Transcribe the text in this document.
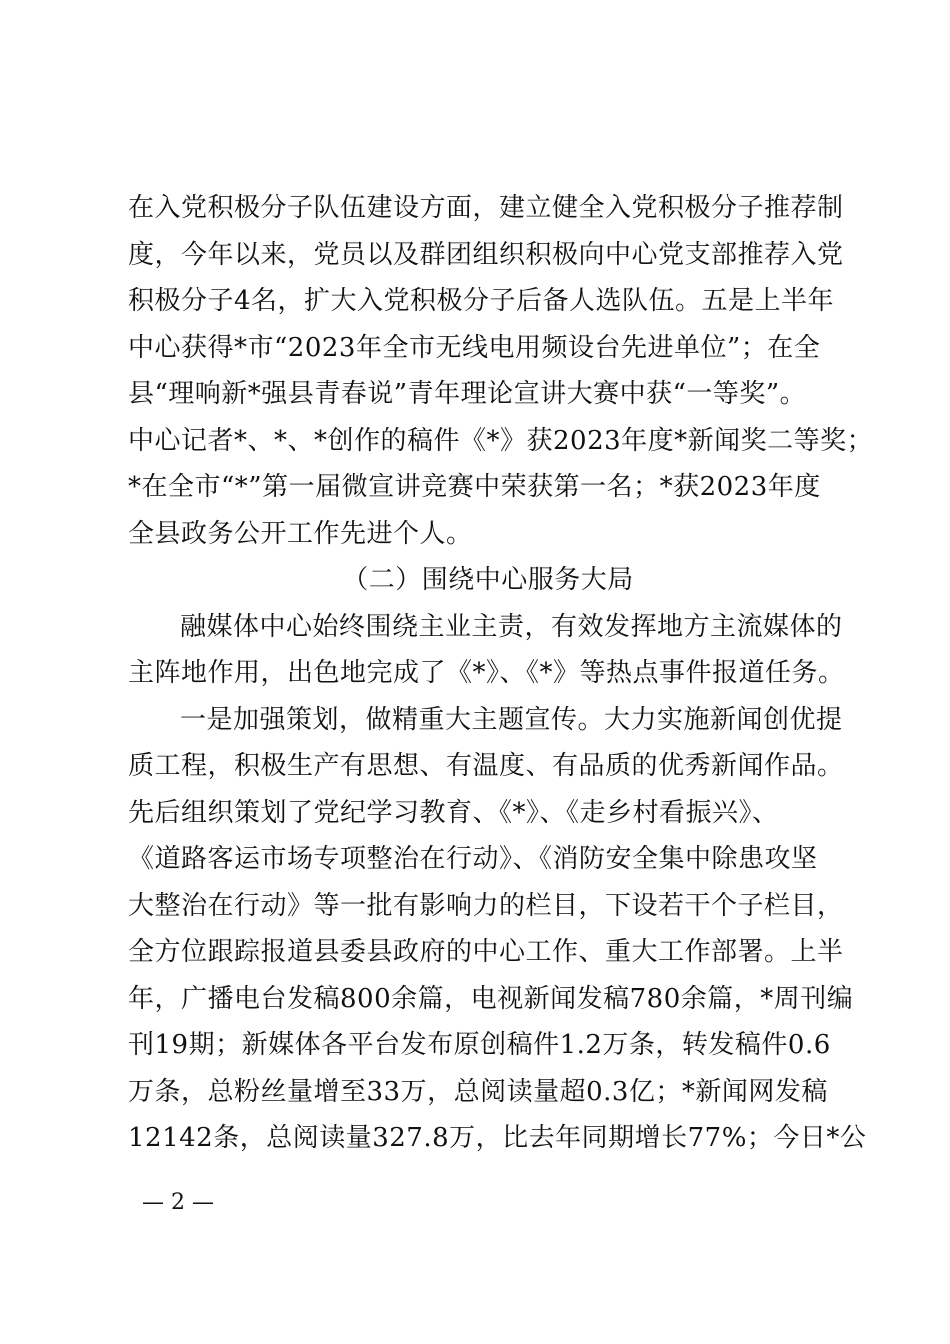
在入党积极分子队伍建设方面，建立健全入党积极分子推荐制
度，今年以来，党员以及群团组织积极向中心党支部推荐入党
积极分子4名，扩大入党积极分子后备人选队伍。五是上半年
中心获得*市“2023年全市无线电用频设台先进单位”；在全
县“理响新*强县青春说”青年理论宣讲大赛中获“一等奖”。
中心记者*、*、*创作的稿件《*》获2023年度*新闻奖二等奖；
*在全市“*”第一届微宣讲竞赛中荣获第一名；*获2023年度
全县政务公开工作先进个人。
（二）围绕中心服务大局
融媒体中心始终围绕主业主责，有效发挥地方主流媒体的
主阵地作用，出色地完成了《*》、《*》等热点事件报道任务。
一是加强策划，做精重大主题宣传。大力实施新闻创优提
质工程，积极生产有思想、有温度、有品质的优秀新闻作品。
先后组织策划了党纪学习教育、《*》、《走乡村看振兴》、
《道路客运市场专项整治在行动》、《消防安全集中除患攻坚
大整治在行动》等一批有影响力的栏目，下设若干个子栏目，
全方位跟踪报道县委县政府的中心工作、重大工作部署。上半
年，广播电台发稿800余篇，电视新闻发稿780余篇，*周刊编
刊19期；新媒体各平台发布原创稿件1.2万条，转发稿件0.6
万条，总粉丝量增至33万，总阅读量超0.3亿；*新闻网发稿
12142条，总阅读量327.8万，比去年同期增长77%；今日*公
— 2 —
